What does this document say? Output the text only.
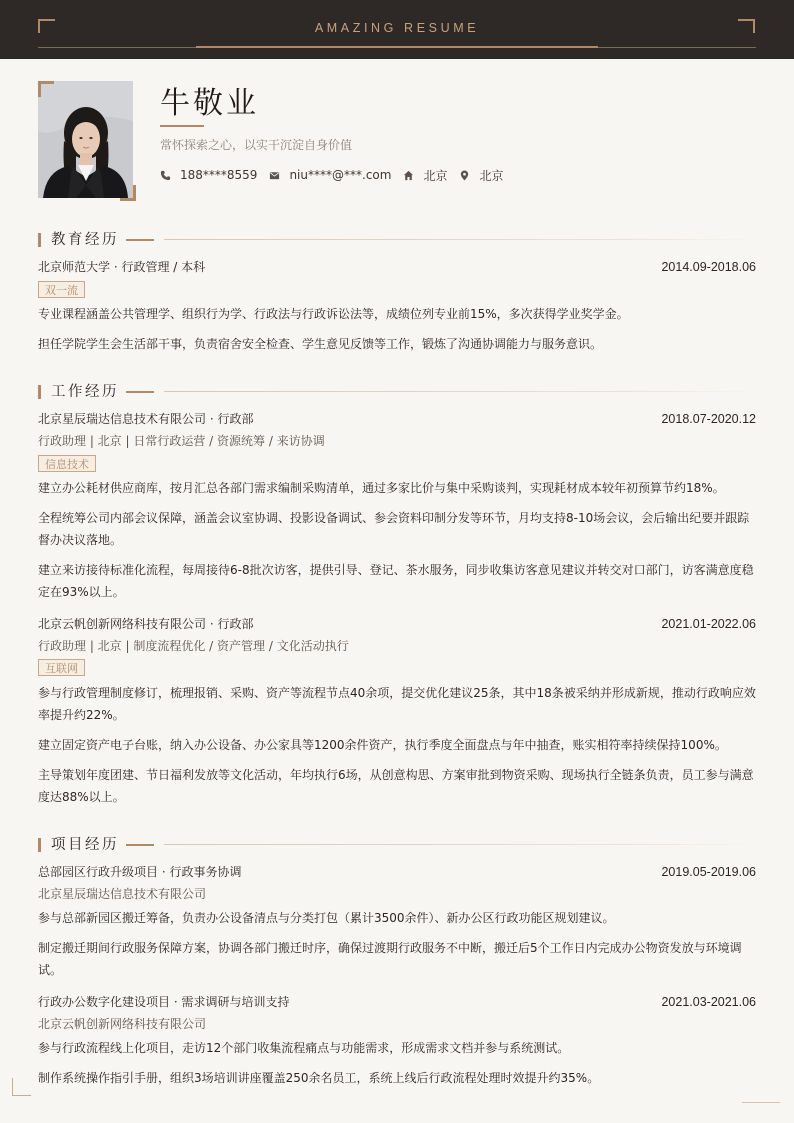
AMAZING RESUME
牛敬业
常怀探索之心，以实干沉淀自身价值
188****8559	niu****@***.com	北京	北京
教育经历
北京师范大学 · 行政管理 / 本科	2014.09-2018.06
双一流
专业课程涵盖公共管理学、组织行为学、行政法与行政诉讼法等，成绩位列专业前15%，多次获得学业奖学金。
担任学院学生会生活部干事，负责宿舍安全检查、学生意见反馈等工作，锻炼了沟通协调能力与服务意识。
工作经历
北京星辰瑞达信息技术有限公司 · 行政部	2018.07-2020.12
行政助理 | 北京 | 日常行政运营 / 资源统筹 / 来访协调
信息技术
建立办公耗材供应商库，按月汇总各部门需求编制采购清单，通过多家比价与集中采购谈判，实现耗材成本较年初预算节约18%。
全程统筹公司内部会议保障，涵盖会议室协调、投影设备调试、参会资料印制分发等环节，月均支持8-10场会议，会后输出纪要并跟踪督办决议落地。
建立来访接待标准化流程，每周接待6-8批次访客，提供引导、登记、茶水服务，同步收集访客意见建议并转交对口部门，访客满意度稳定在93%以上。
北京云帆创新网络科技有限公司 · 行政部	2021.01-2022.06
行政助理 | 北京 | 制度流程优化 / 资产管理 / 文化活动执行
互联网
参与行政管理制度修订，梳理报销、采购、资产等流程节点40余项，提交优化建议25条，其中18条被采纳并形成新规，推动行政响应效率提升约22%。
建立固定资产电子台账，纳入办公设备、办公家具等1200余件资产，执行季度全面盘点与年中抽查，账实相符率持续保持100%。
主导策划年度团建、节日福利发放等文化活动，年均执行6场，从创意构思、方案审批到物资采购、现场执行全链条负责，员工参与满意度达88%以上。
项目经历
总部园区行政升级项目 · 行政事务协调	2019.05-2019.06
北京星辰瑞达信息技术有限公司
参与总部新园区搬迁筹备，负责办公设备清点与分类打包（累计3500余件）、新办公区行政功能区规划建议。
制定搬迁期间行政服务保障方案，协调各部门搬迁时序，确保过渡期行政服务不中断，搬迁后5个工作日内完成办公物资发放与环境调试。
行政办公数字化建设项目 · 需求调研与培训支持	2021.03-2021.06
北京云帆创新网络科技有限公司
参与行政流程线上化项目，走访12个部门收集流程痛点与功能需求，形成需求文档并参与系统测试。
制作系统操作指引手册，组织3场培训讲座覆盖250余名员工，系统上线后行政流程处理时效提升约35%。
